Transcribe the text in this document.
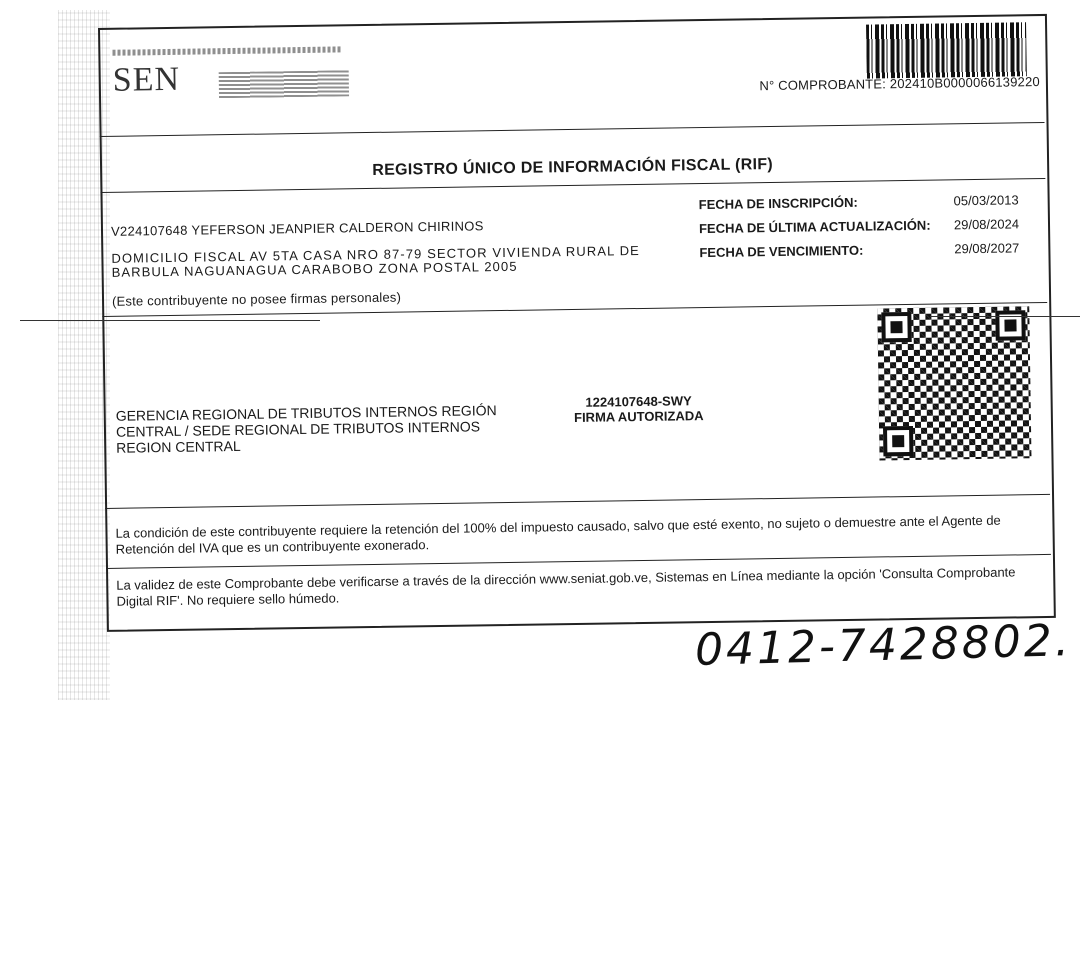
SEN	N° COMPROBANTE: 202410B0000066139220
REGISTRO ÚNICO DE INFORMACIÓN FISCAL (RIF)
V224107648 YEFERSON JEANPIER CALDERON CHIRINOS
DOMICILIO FISCAL AV 5TA CASA NRO 87-79 SECTOR VIVIENDA RURAL DE BARBULA NAGUANAGUA CARABOBO ZONA POSTAL 2005
(Este contribuyente no posee firmas personales)
FECHA DE INSCRIPCIÓN:	05/03/2013
FECHA DE ÚLTIMA ACTUALIZACIÓN: 29/08/2024
FECHA DE VENCIMIENTO:	29/08/2027
GERENCIA REGIONAL DE TRIBUTOS INTERNOS REGIÓN CENTRAL / SEDE REGIONAL DE TRIBUTOS INTERNOS REGION CENTRAL
1224107648-SWY
FIRMA AUTORIZADA
La condición de este contribuyente requiere la retención del 100% del impuesto causado, salvo que esté exento, no sujeto o demuestre ante el Agente de Retención del IVA que es un contribuyente exonerado.
La validez de este Comprobante debe verificarse a través de la dirección www.seniat.gob.ve, Sistemas en Línea mediante la opción 'Consulta Comprobante Digital RIF'. No requiere sello húmedo.
0412-7428802.
